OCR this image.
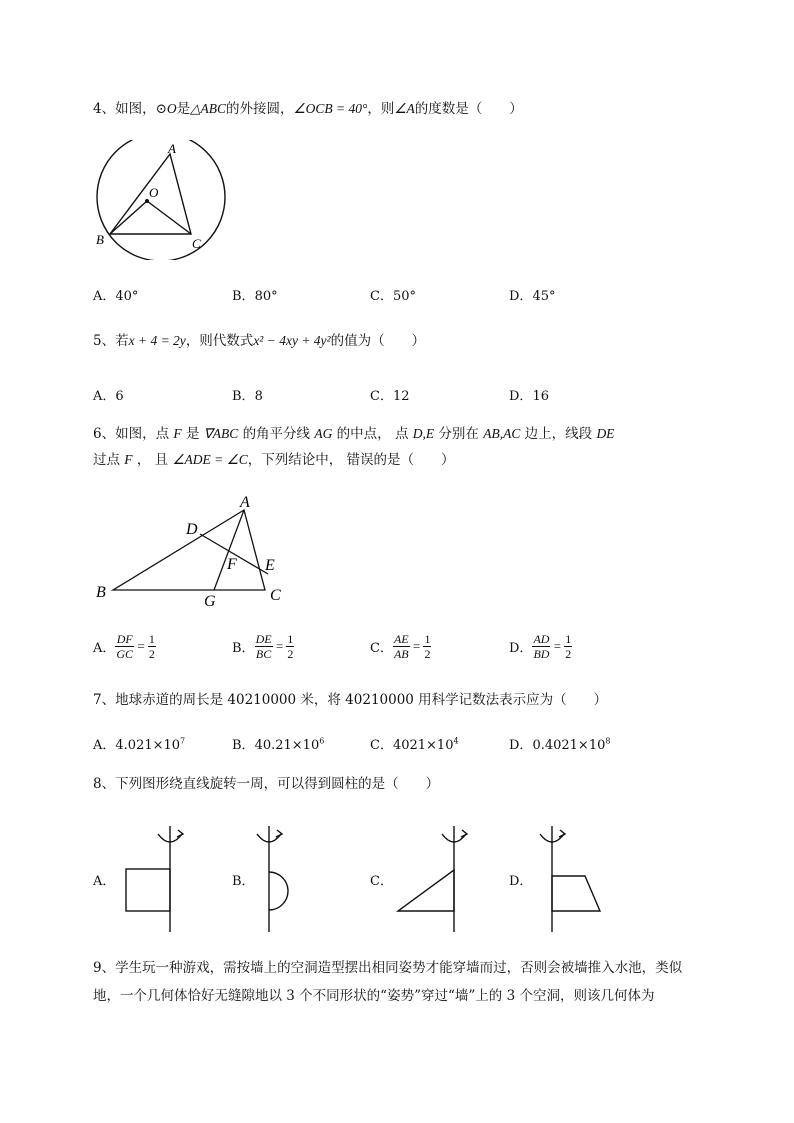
4、如图，⊙O是△ABC的外接圆，∠OCB = 40°，则∠A的度数是（　　）
A
O
B	C
A．40°	B．80°	C．50°	D．45°
5、若x + 4 = 2y，则代数式x² − 4xy + 4y²的值为（　　）
A．6	B．8	C．12	D．16
6、如图，点 F 是 ∇ABC 的角平分线 AG 的中点， 点 D,E 分别在 AB,AC 边上，线段 DE
过点 F ， 且 ∠ADE = ∠C，下列结论中， 错误的是（　　）
A
D
F E
B
G	C
A． $\frac{DF}{GC} = \frac{1}{2}$	B． $\frac{DE}{BC} = \frac{1}{2}$	C． $\frac{AE}{AB} = \frac{1}{2}$	D． $\frac{AD}{BD} = \frac{1}{2}$
7、地球赤道的周长是 40210000 米，将 40210000 用科学记数法表示应为（　　）
A．$4.021\times 10^7$	B．$40.21\times 10^6$	C．$4021\times 10^4$	D．$0.4021\times 10^8$
8、下列图形绕直线旋转一周，可以得到圆柱的是（　　）
A．	B．	C．	D．
9、学生玩一种游戏，需按墙上的空洞造型摆出相同姿势才能穿墙而过，否则会被墙推入水池，类似
地，一个几何体恰好无缝隙地以 3 个不同形状的“姿势”穿过“墙”上的 3 个空洞，则该几何体为
